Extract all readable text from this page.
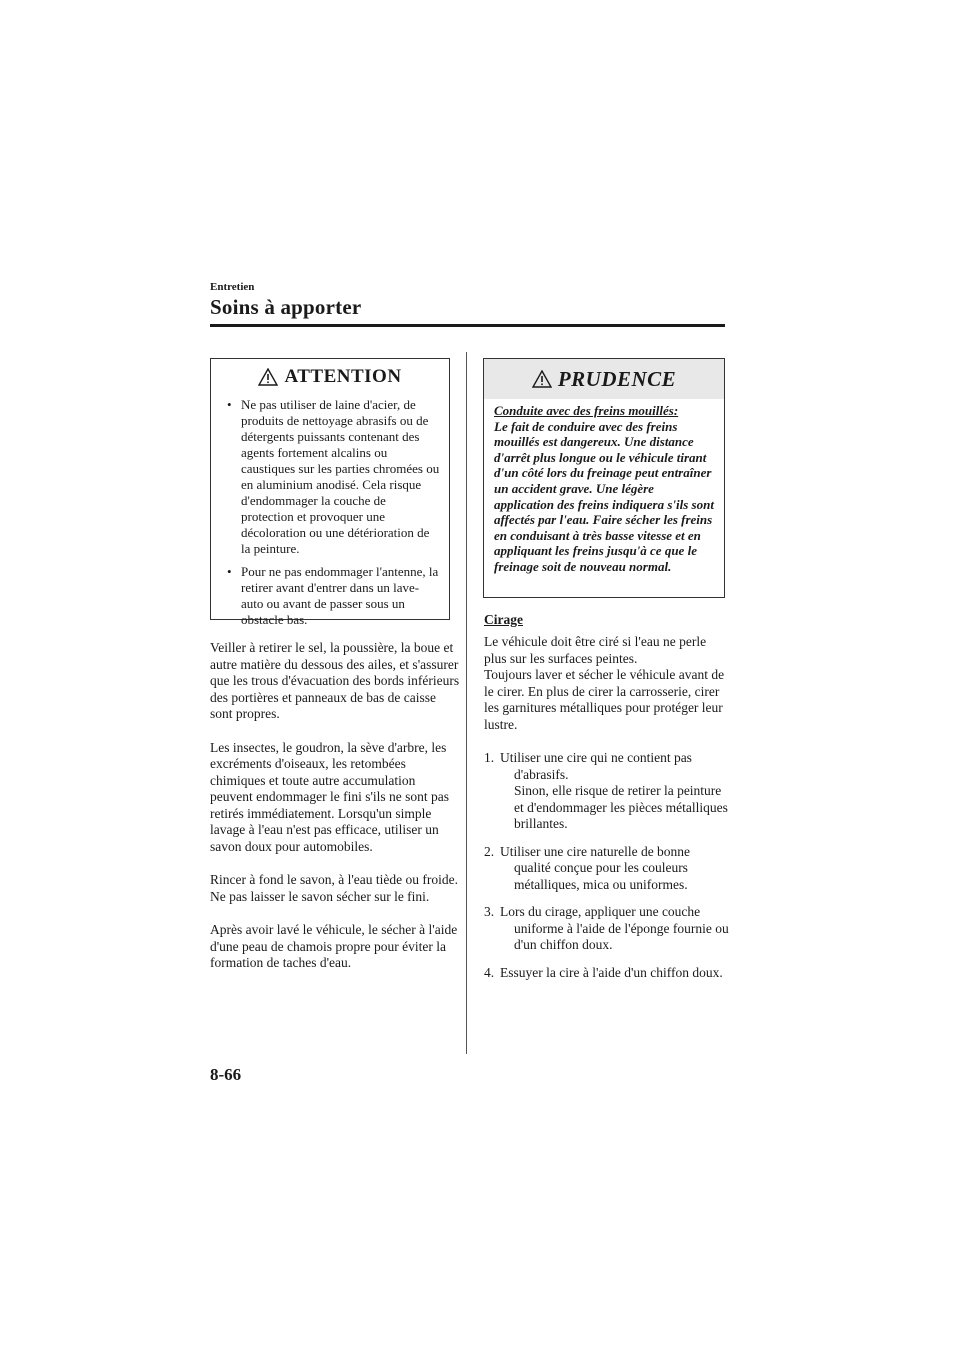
Entretien
Soins à apporter
ATTENTION
• Ne pas utiliser de laine d'acier, de produits de nettoyage abrasifs ou de détergents puissants contenant des agents fortement alcalins ou caustiques sur les parties chromées ou en aluminium anodisé. Cela risque d'endommager la couche de protection et provoquer une décoloration ou une détérioration de la peinture.
• Pour ne pas endommager l'antenne, la retirer avant d'entrer dans un lave-auto ou avant de passer sous un obstacle bas.

Veiller à retirer le sel, la poussière, la boue et autre matière du dessous des ailes, et s'assurer que les trous d'évacuation des bords inférieurs des portières et panneaux de bas de caisse sont propres.

Les insectes, le goudron, la sève d'arbre, les excréments d'oiseaux, les retombées chimiques et toute autre accumulation peuvent endommager le fini s'ils ne sont pas retirés immédiatement. Lorsqu'un simple lavage à l'eau n'est pas efficace, utiliser un savon doux pour automobiles.

Rincer à fond le savon, à l'eau tiède ou froide. Ne pas laisser le savon sécher sur le fini.

Après avoir lavé le véhicule, le sécher à l'aide d'une peau de chamois propre pour éviter la formation de taches d'eau.

PRUDENCE
Conduite avec des freins mouillés:
Le fait de conduire avec des freins mouillés est dangereux. Une distance d'arrêt plus longue ou le véhicule tirant d'un côté lors du freinage peut entraîner un accident grave. Une légère application des freins indiquera s'ils sont affectés par l'eau. Faire sécher les freins en conduisant à très basse vitesse et en appliquant les freins jusqu'à ce que le freinage soit de nouveau normal.
Cirage
Le véhicule doit être ciré si l'eau ne perle plus sur les surfaces peintes.
Toujours laver et sécher le véhicule avant de le cirer. En plus de cirer la carrosserie, cirer les garnitures métalliques pour protéger leur lustre.
1. Utiliser une cire qui ne contient pas d'abrasifs.
Sinon, elle risque de retirer la peinture et d'endommager les pièces métalliques brillantes.
2. Utiliser une cire naturelle de bonne qualité conçue pour les couleurs métalliques, mica ou uniformes.
3. Lors du cirage, appliquer une couche uniforme à l'aide de l'éponge fournie ou d'un chiffon doux.
4. Essuyer la cire à l'aide d'un chiffon doux.
8-66
